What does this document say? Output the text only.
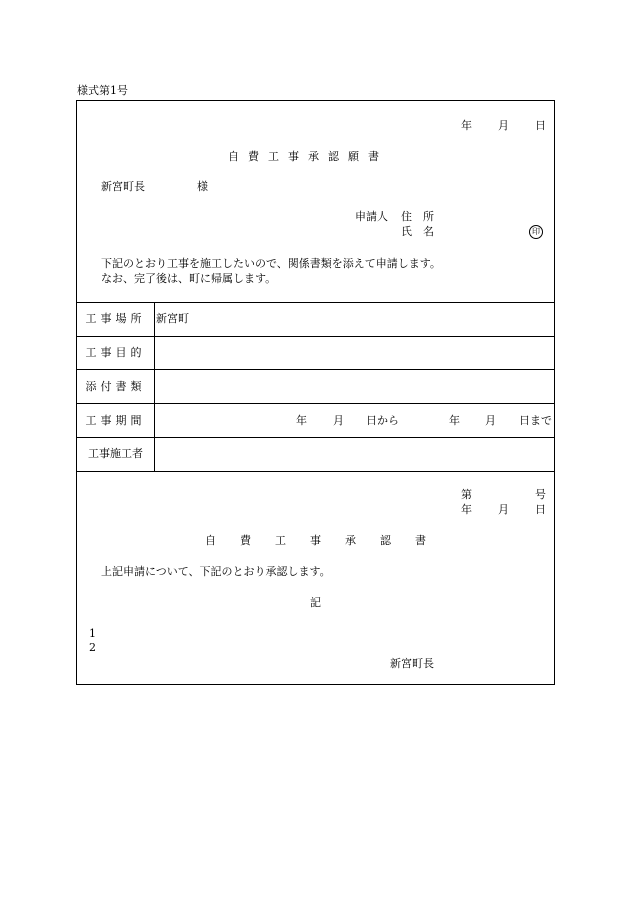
様式第1号
年 月 日
自費工事承認願書
新宮町長	様
申請人 住　所
氏　名	印
下記のとおり工事を施工したいので、関係書類を添えて申請します。
なお、完了後は、町に帰属します。
工事場所 新宮町
工事目的
添付書類
工事期間	年 月 日から	年 月 日まで
工事施工者
第	号
年 月 日
自費工事承認書
上記申請について、下記のとおり承認します。
記
1
2
新宮町長
